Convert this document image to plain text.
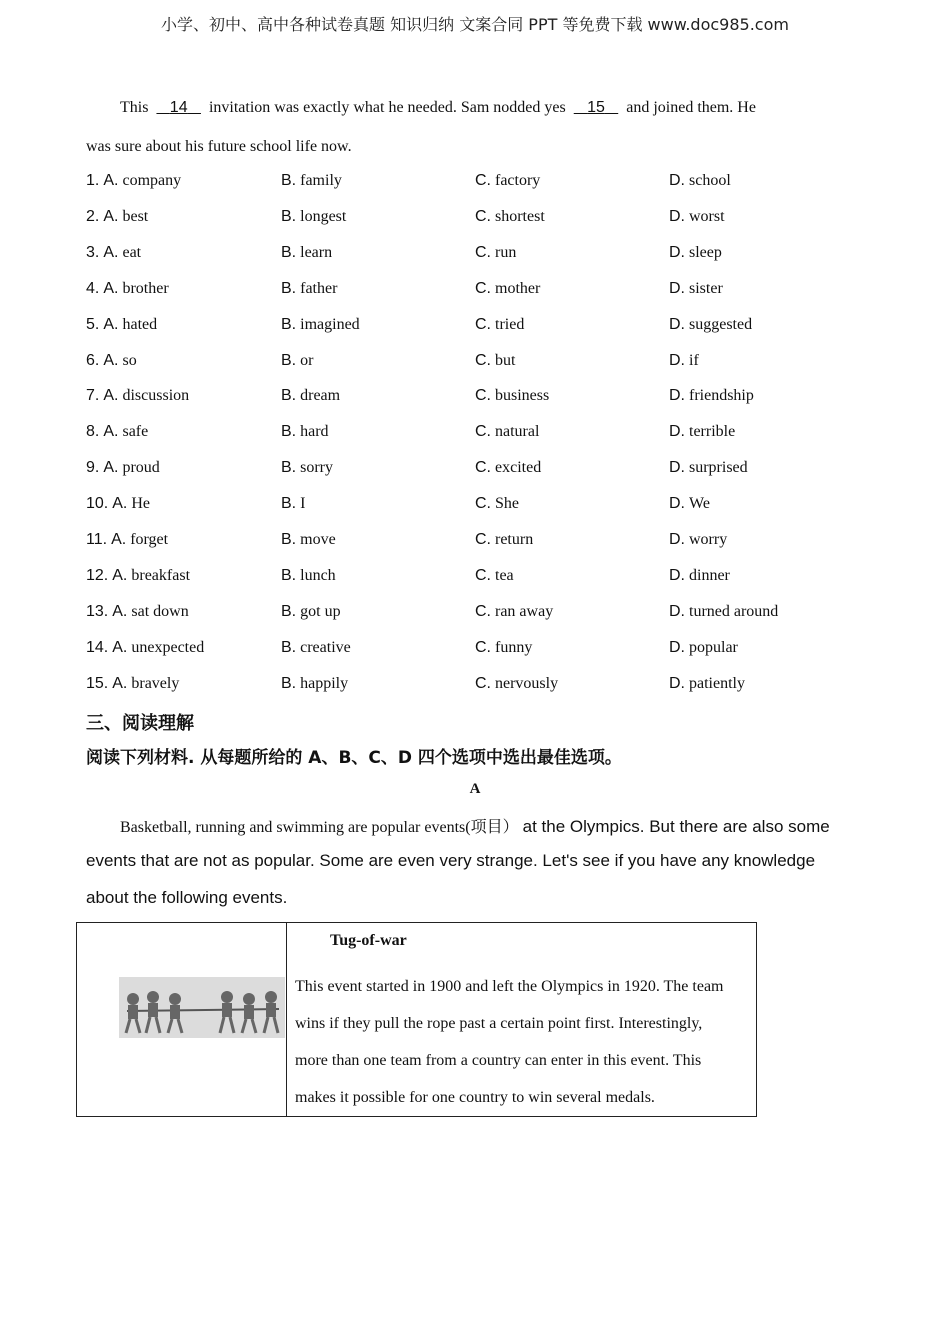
小学、初中、高中各种试卷真题 知识归纳 文案合同 PPT 等免费下载 www.doc985.com
This 14 invitation was exactly what he needed. Sam nodded yes 15 and joined them. He
was sure about his future school life now.
1. A. company	B. family	C. factory	D. school
2. A. best	B. longest	C. shortest	D. worst
3. A. eat	B. learn	C. run	D. sleep
4. A. brother	B. father	C. mother	D. sister
5. A. hated	B. imagined	C. tried	D. suggested
6. A. so	B. or	C. but	D. if
7. A. discussion	B. dream	C. business	D. friendship
8. A. safe	B. hard	C. natural	D. terrible
9. A. proud	B. sorry	C. excited	D. surprised
10. A. He	B. I	C. She	D. We
11. A. forget	B. move	C. return	D. worry
12. A. breakfast	B. lunch	C. tea	D. dinner
13. A. sat down	B. got up	C. ran away	D. turned around
14. A. unexpected	B. creative	C. funny	D. popular
15. A. bravely	B. happily	C. nervously	D. patiently
三、阅读理解
阅读下列材料. 从每题所给的 A、B、C、D 四个选项中选出最佳选项。
A
Basketball, running and swimming are popular events(项目） at the Olympics. But there are also some
events that are not as popular. Some are even very strange. Let's see if you have any knowledge
about the following events.

Tug-of-war
This event started in 1900 and left the Olympics in 1920. The team
wins if they pull the rope past a certain point first. Interestingly,
more than one team from a country can enter in this event. This
makes it possible for one country to win several medals.
